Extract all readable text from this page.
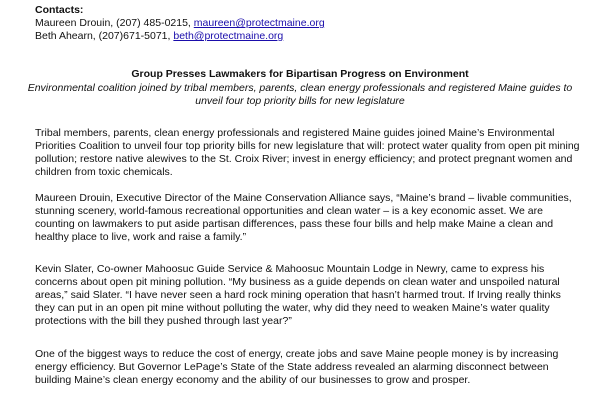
Contacts:
Maureen Drouin, (207) 485-0215, maureen@protectmaine.org
Beth Ahearn, (207)671-5071, beth@protectmaine.org
Group Presses Lawmakers for Bipartisan Progress on Environment
Environmental coalition joined by tribal members, parents, clean energy professionals and registered Maine guides to unveil four top priority bills for new legislature
Tribal members, parents, clean energy professionals and registered Maine guides joined Maine’s Environmental Priorities Coalition to unveil four top priority bills for new legislature that will: protect water quality from open pit mining pollution; restore native alewives to the St. Croix River; invest in energy efficiency; and protect pregnant women and children from toxic chemicals.
Maureen Drouin, Executive Director of the Maine Conservation Alliance says, “Maine’s brand – livable communities, stunning scenery, world-famous recreational opportunities and clean water – is a key economic asset. We are counting on lawmakers to put aside partisan differences, pass these four bills and help make Maine a clean and healthy place to live, work and raise a family.”
Kevin Slater, Co-owner Mahoosuc Guide Service & Mahoosuc Mountain Lodge in Newry, came to express his concerns about open pit mining pollution. “My business as a guide depends on clean water and unspoiled natural areas,” said Slater. “I have never seen a hard rock mining operation that hasn’t harmed trout. If Irving really thinks they can put in an open pit mine without polluting the water, why did they need to weaken Maine’s water quality protections with the bill they pushed through last year?”
One of the biggest ways to reduce the cost of energy, create jobs and save Maine people money is by increasing energy efficiency. But Governor LePage’s State of the State address revealed an alarming disconnect between building Maine’s clean energy economy and the ability of our businesses to grow and prosper.
